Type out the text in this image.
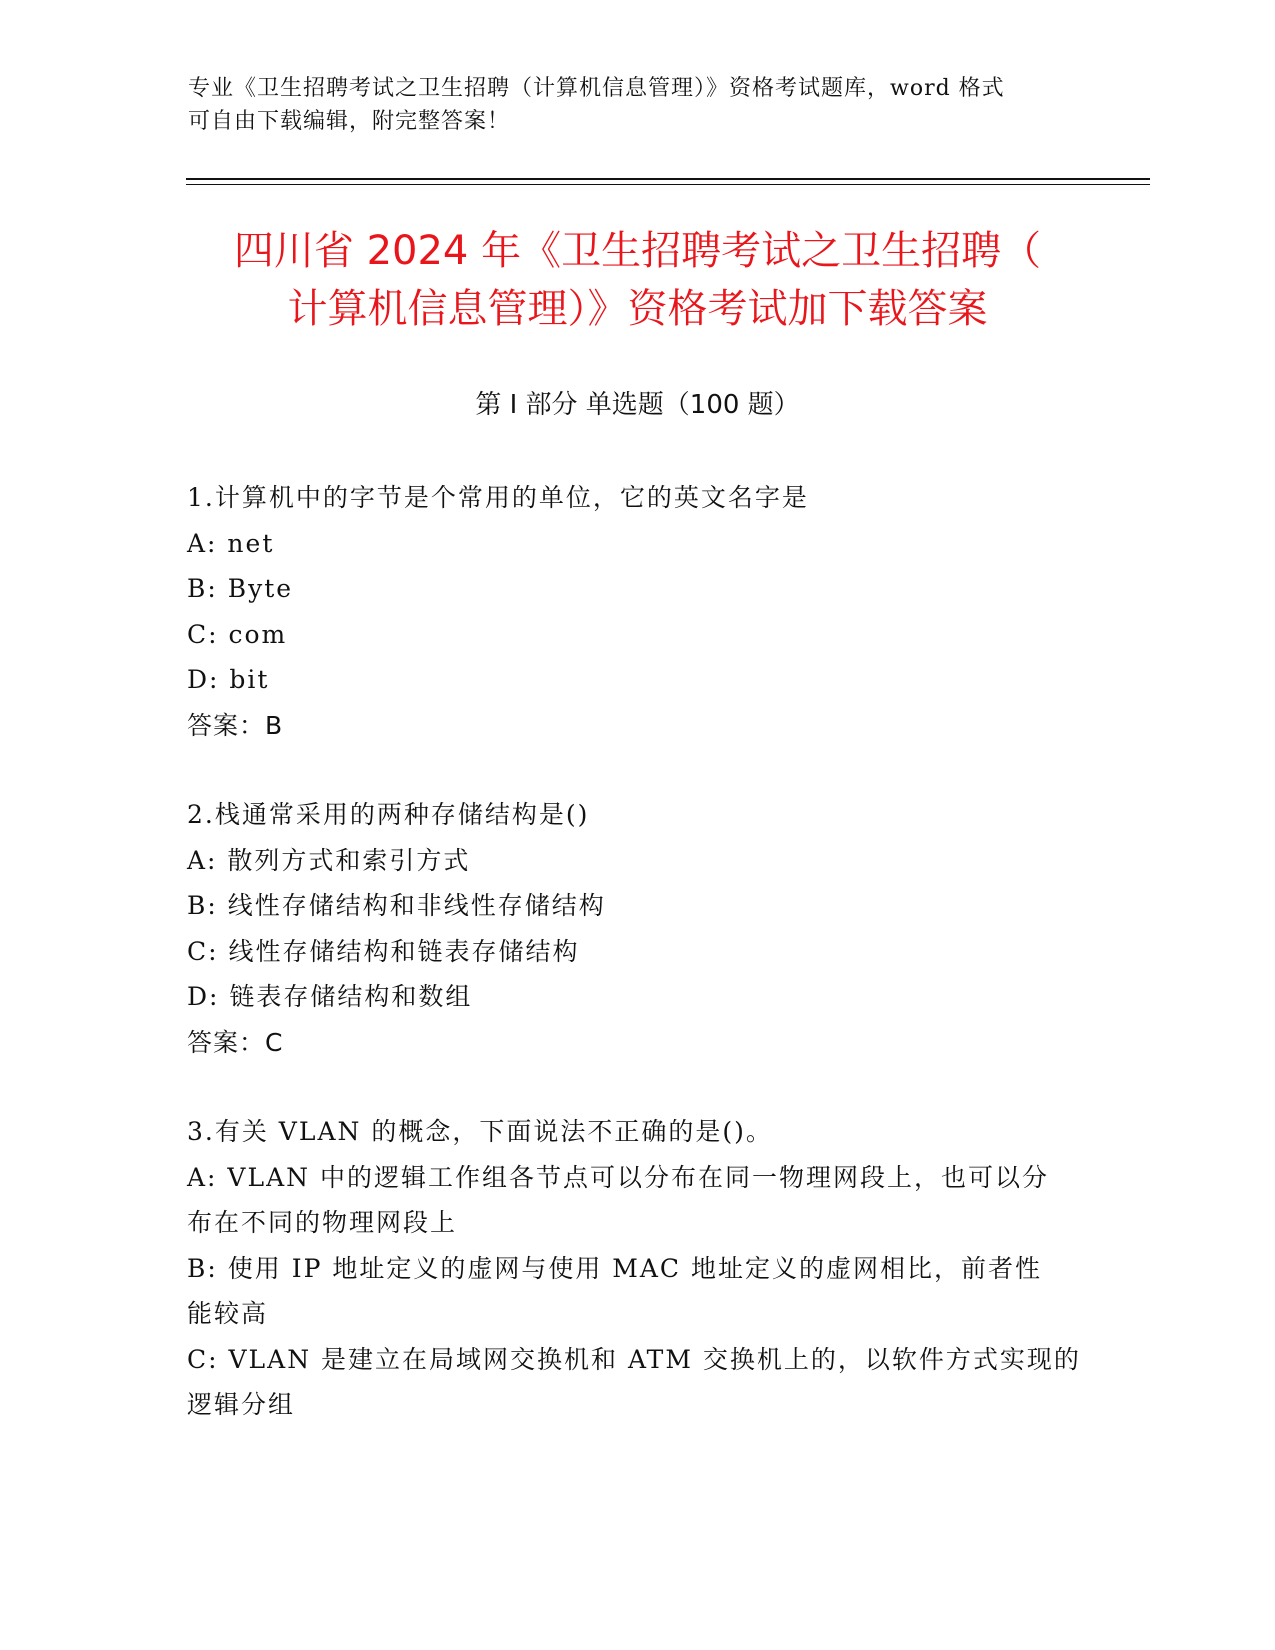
专业《卫生招聘考试之卫生招聘（计算机信息管理）》资格考试题库，word 格式
可自由下载编辑，附完整答案！
四川省 2024 年《卫生招聘考试之卫生招聘（
计算机信息管理）》资格考试加下载答案
第 I 部分 单选题（100 题）
1.计算机中的字节是个常用的单位，它的英文名字是
A: net
B: Byte
C: com
D: bit
答案：B
2.栈通常采用的两种存储结构是()
A: 散列方式和索引方式
B: 线性存储结构和非线性存储结构
C: 线性存储结构和链表存储结构
D: 链表存储结构和数组
答案：C
3.有关 VLAN 的概念，下面说法不正确的是()。
A: VLAN 中的逻辑工作组各节点可以分布在同一物理网段上，也可以分
布在不同的物理网段上
B: 使用 IP 地址定义的虚网与使用 MAC 地址定义的虚网相比，前者性
能较高
C: VLAN 是建立在局域网交换机和 ATM 交换机上的，以软件方式实现的
逻辑分组
